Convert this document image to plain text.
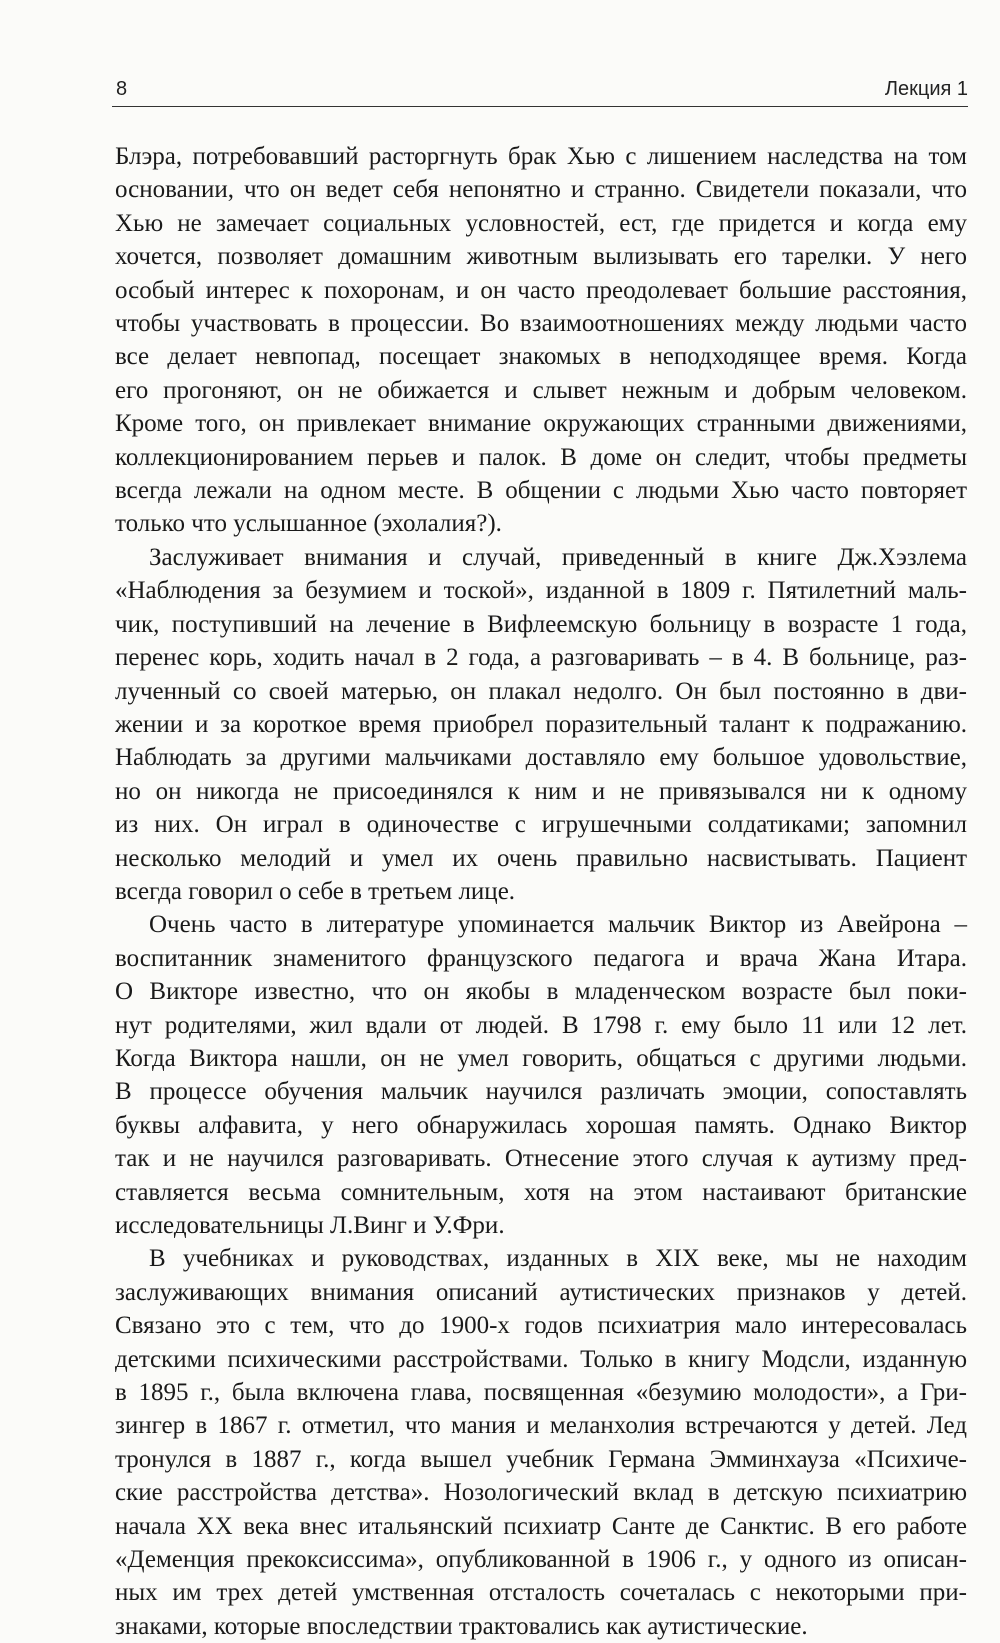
8	Лекция 1
Блэра, потребовавший расторгнуть брак Хью с лишением наследства на том
основании, что он ведет себя непонятно и странно. Свидетели показали, что
Хью не замечает социальных условностей, ест, где придется и когда ему
хочется, позволяет домашним животным вылизывать его тарелки. У него
особый интерес к похоронам, и он часто преодолевает большие расстояния,
чтобы участвовать в процессии. Во взаимоотношениях между людьми часто
все делает невпопад, посещает знакомых в неподходящее время. Когда
его прогоняют, он не обижается и слывет нежным и добрым человеком.
Кроме того, он привлекает внимание окружающих странными движениями,
коллекционированием перьев и палок. В доме он следит, чтобы предметы
всегда лежали на одном месте. В общении с людьми Хью часто повторяет
только что услышанное (эхолалия?).
Заслуживает внимания и случай, приведенный в книге Дж.Хэзлема
«Наблюдения за безумием и тоской», изданной в 1809 г. Пятилетний маль-
чик, поступивший на лечение в Вифлеемскую больницу в возрасте 1 года,
перенес корь, ходить начал в 2 года, а разговаривать – в 4. В больнице, раз-
лученный со своей матерью, он плакал недолго. Он был постоянно в дви-
жении и за короткое время приобрел поразительный талант к подражанию.
Наблюдать за другими мальчиками доставляло ему большое удовольствие,
но он никогда не присоединялся к ним и не привязывался ни к одному
из них. Он играл в одиночестве с игрушечными солдатиками; запомнил
несколько мелодий и умел их очень правильно насвистывать. Пациент
всегда говорил о себе в третьем лице.
Очень часто в литературе упоминается мальчик Виктор из Авейрона –
воспитанник знаменитого французского педагога и врача Жана Итара.
О Викторе известно, что он якобы в младенческом возрасте был поки-
нут родителями, жил вдали от людей. В 1798 г. ему было 11 или 12 лет.
Когда Виктора нашли, он не умел говорить, общаться с другими людьми.
В процессе обучения мальчик научился различать эмоции, сопоставлять
буквы алфавита, у него обнаружилась хорошая память. Однако Виктор
так и не научился разговаривать. Отнесение этого случая к аутизму пред-
ставляется весьма сомнительным, хотя на этом настаивают британские
исследовательницы Л.Винг и У.Фри.
В учебниках и руководствах, изданных в XIX веке, мы не находим
заслуживающих внимания описаний аутистических признаков у детей.
Связано это с тем, что до 1900-х годов психиатрия мало интересовалась
детскими психическими расстройствами. Только в книгу Модсли, изданную
в 1895 г., была включена глава, посвященная «безумию молодости», а Гри-
зингер в 1867 г. отметил, что мания и меланхолия встречаются у детей. Лед
тронулся в 1887 г., когда вышел учебник Германа Эмминхауза «Психиче-
ские расстройства детства». Нозологический вклад в детскую психиатрию
начала XX века внес итальянский психиатр Санте де Санктис. В его работе
«Деменция прекоксиссима», опубликованной в 1906 г., у одного из описан-
ных им трех детей умственная отсталость сочеталась с некоторыми при-
знаками, которые впоследствии трактовались как аутистические.
